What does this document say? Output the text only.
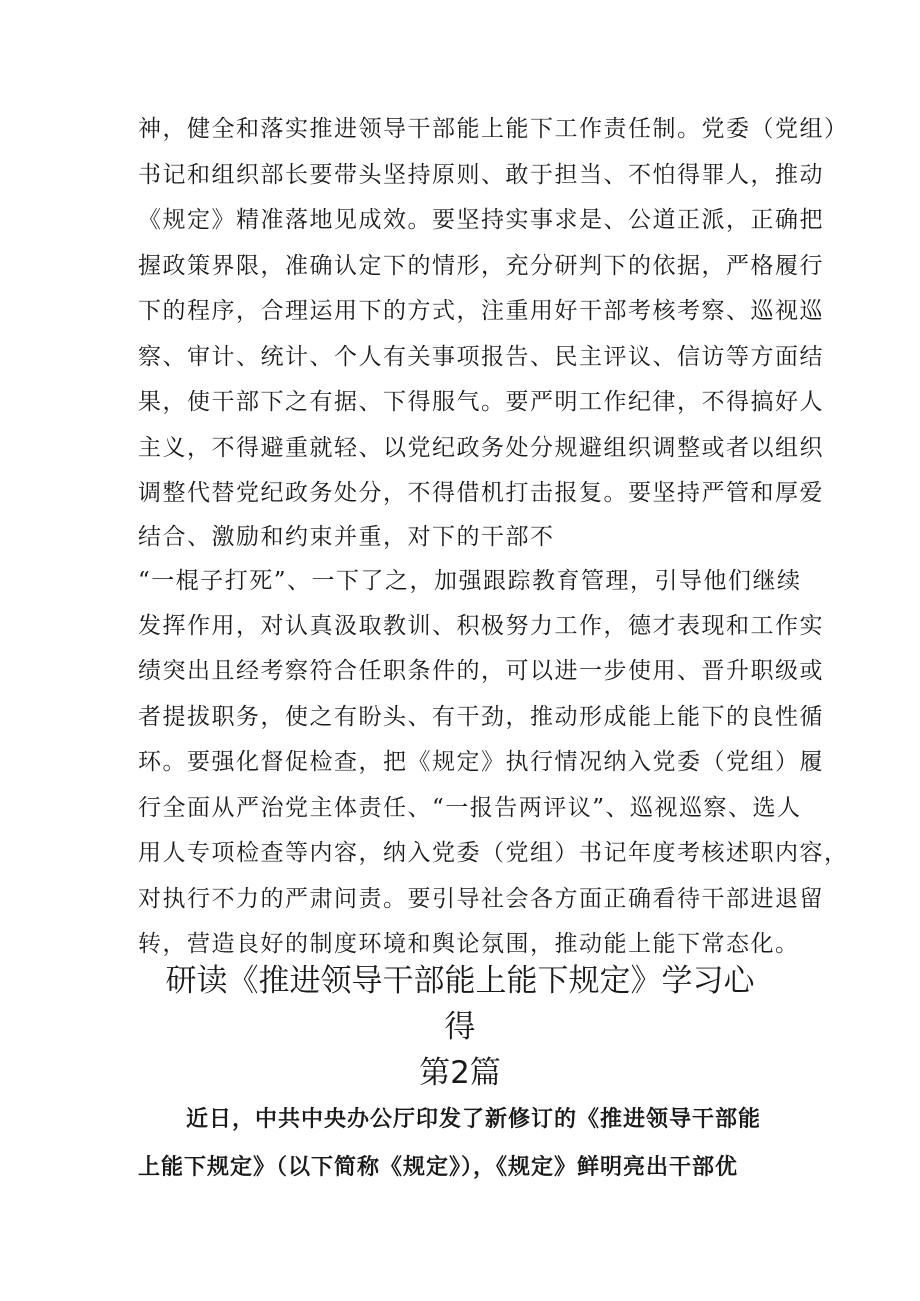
神，健全和落实推进领导干部能上能下工作责任制。党委（党组）
书记和组织部长要带头坚持原则、敢于担当、不怕得罪人，推动
《规定》精准落地见成效。要坚持实事求是、公道正派，正确把
握政策界限，准确认定下的情形，充分研判下的依据，严格履行
下的程序，合理运用下的方式，注重用好干部考核考察、巡视巡
察、审计、统计、个人有关事项报告、民主评议、信访等方面结
果，使干部下之有据、下得服气。要严明工作纪律，不得搞好人
主义，不得避重就轻、以党纪政务处分规避组织调整或者以组织
调整代替党纪政务处分，不得借机打击报复。要坚持严管和厚爱
结合、激励和约束并重，对下的干部不
“一棍子打死”、一下了之，加强跟踪教育管理，引导他们继续
发挥作用，对认真汲取教训、积极努力工作，德才表现和工作实
绩突出且经考察符合任职条件的，可以进一步使用、晋升职级或
者提拔职务，使之有盼头、有干劲，推动形成能上能下的良性循
环。要强化督促检查，把《规定》执行情况纳入党委（党组）履
行全面从严治党主体责任、“一报告两评议”、巡视巡察、选人
用人专项检查等内容，纳入党委（党组）书记年度考核述职内容，
对执行不力的严肃问责。要引导社会各方面正确看待干部进退留
转，营造良好的制度环境和舆论氛围，推动能上能下常态化。
研读《推进领导干部能上能下规定》学习心
得
第2篇
近日，中共中央办公厅印发了新修订的《推进领导干部能
上能下规定》（以下简称《规定》），《规定》鲜明亮出干部优
